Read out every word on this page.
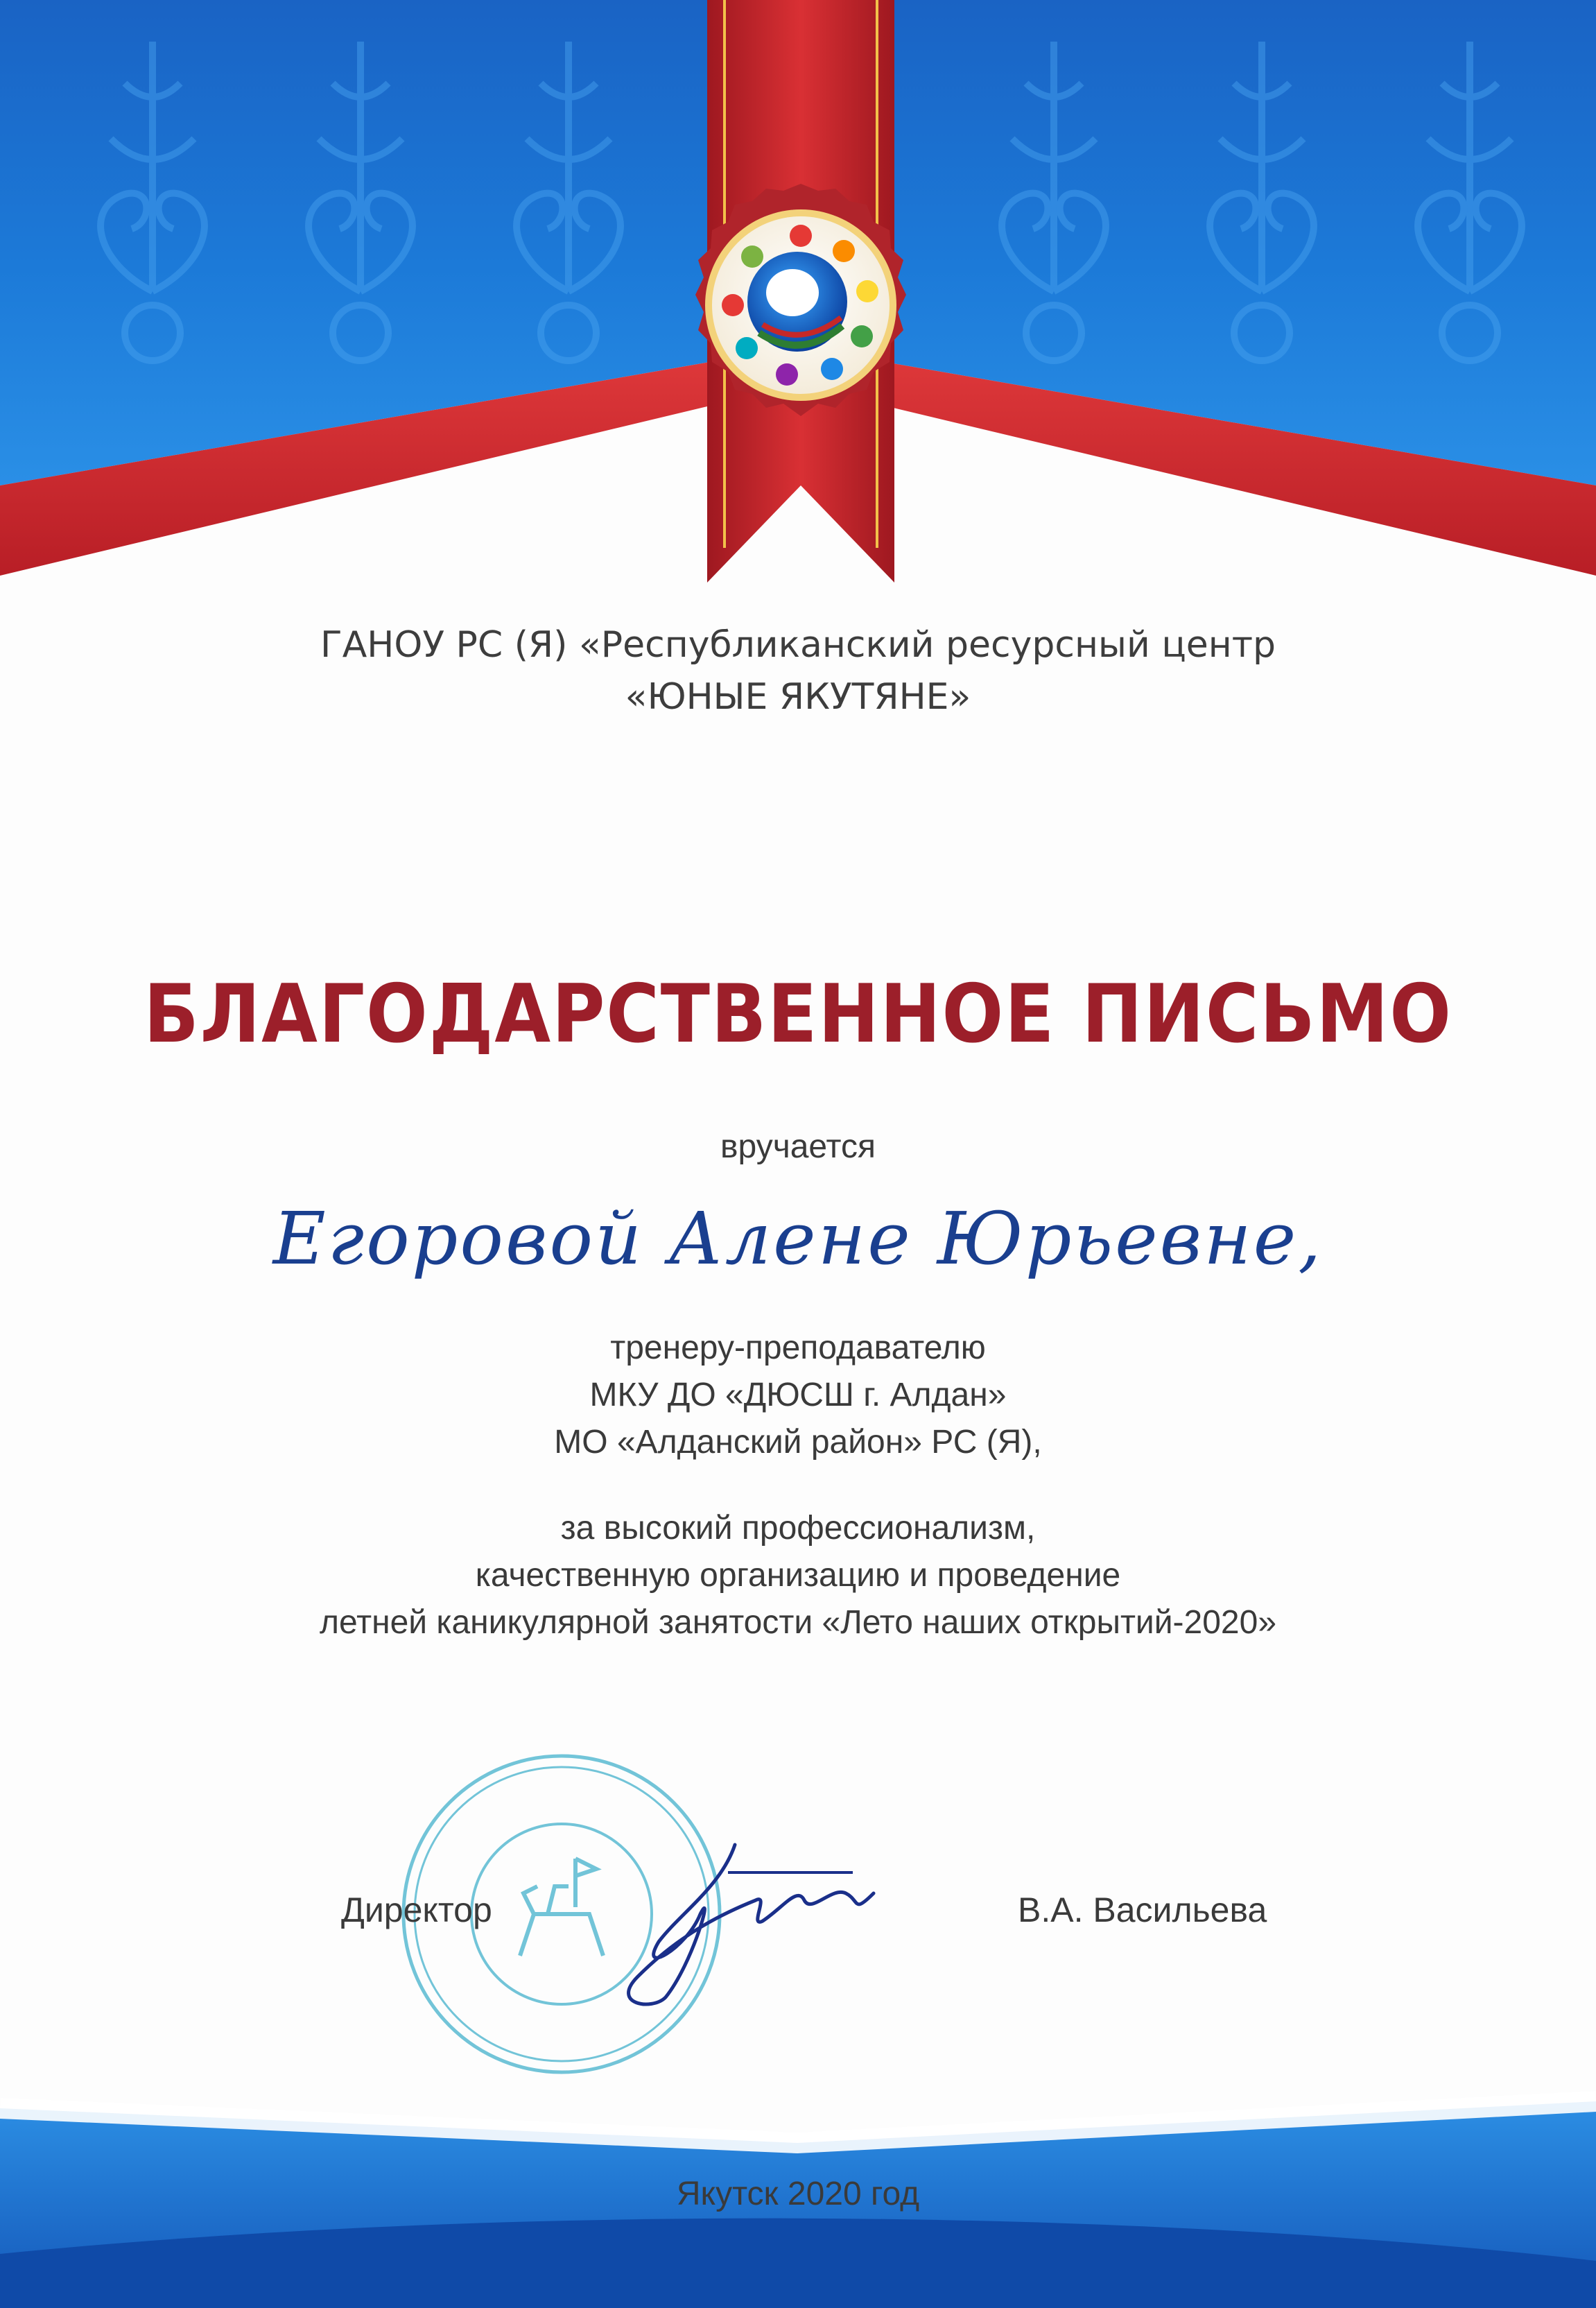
ГАНОУ РС (Я) «Республиканский ресурсный центр
«ЮНЫЕ ЯКУТЯНЕ»
БЛАГОДАРСТВЕННОЕ ПИСЬМО
вручается
Егоровой Алене Юрьевне,
тренеру-преподавателю
МКУ ДО «ДЮСШ г. Алдан»
МО «Алданский район» РС (Я),
за высокий профессионализм,
качественную организацию и проведение
летней каникулярной занятости «Лето наших открытий-2020»
Директор	В.А. Васильева
Якутск 2020 год
